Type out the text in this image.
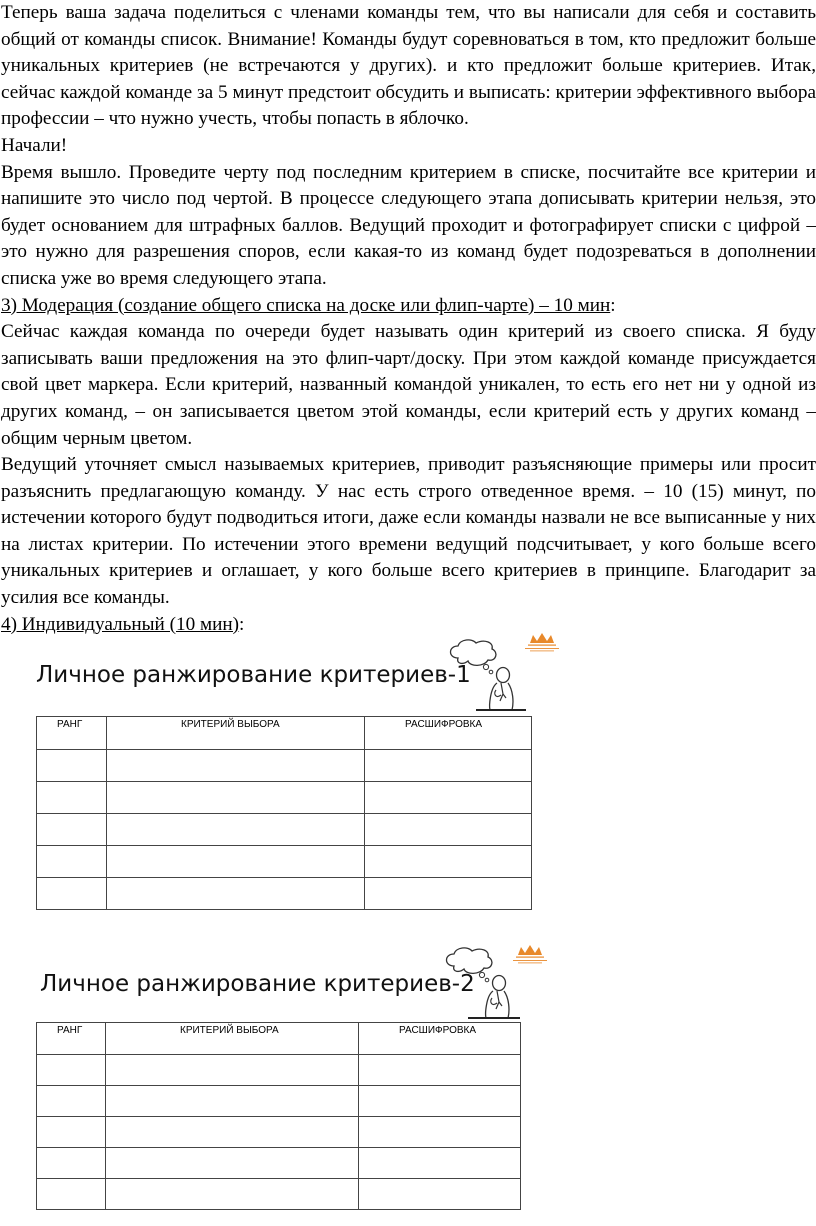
Теперь ваша задача поделиться с членами команды тем, что вы написали для себя и составить общий от команды список. Внимание! Команды будут соревноваться в том, кто предложит больше уникальных критериев (не встречаются у других). и кто предложит больше критериев. Итак, сейчас каждой команде за 5 минут предстоит обсудить и выписать: критерии эффективного выбора профессии – что нужно учесть, чтобы попасть в яблочко.

Начали!

Время вышло. Проведите черту под последним критерием в списке, посчитайте все критерии и напишите это число под чертой. В процессе следующего этапа дописывать критерии нельзя, это будет основанием для штрафных баллов. Ведущий проходит и фотографирует списки с цифрой – это нужно для разрешения споров, если какая-то из команд будет подозреваться в дополнении списка уже во время следующего этапа.

3) Модерация (создание общего списка на доске или флип-чарте) – 10 мин:

Сейчас каждая команда по очереди будет называть один критерий из своего списка. Я буду записывать ваши предложения на это флип-чарт/доску. При этом каждой команде присуждается свой цвет маркера. Если критерий, названный командой уникален, то есть его нет ни у одной из других команд, – он записывается цветом этой команды, если критерий есть у других команд – общим черным цветом.

Ведущий уточняет смысл называемых критериев, приводит разъясняющие примеры или просит разъяснить предлагающую команду. У нас есть строго отведенное время. – 10 (15) минут, по истечении которого будут подводиться итоги, даже если команды назвали не все выписанные у них на листах критерии. По истечении этого времени ведущий подсчитывает, у кого больше всего уникальных критериев и оглашает, у кого больше всего критериев в принципе. Благодарит за усилия все команды.

4) Индивидуальный (10 мин):

Личное ранжирование критериев-1
РАНГ	КРИТЕРИЙ ВЫБОРА	РАСШИФРОВКА

Личное ранжирование критериев-2
РАНГ	КРИТЕРИЙ ВЫБОРА	РАСШИФРОВКА
